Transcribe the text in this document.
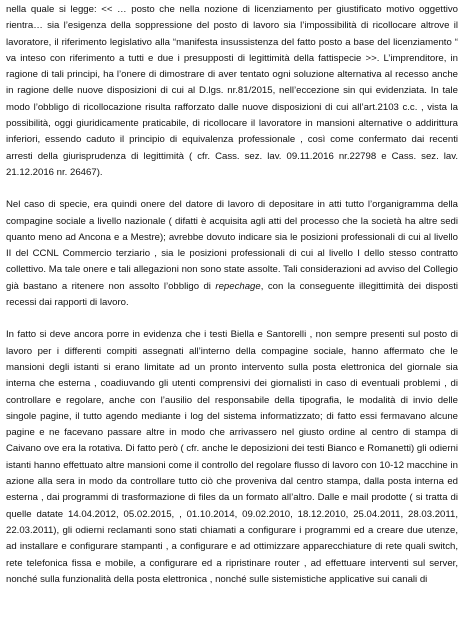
nella quale si legge: << … posto che nella nozione di licenziamento per giustificato motivo oggettivo rientra… sia l’esigenza della soppressione del posto di lavoro sia l’impossibilità di ricollocare altrove il lavoratore, il riferimento legislativo alla “manifesta insussistenza del fatto posto a base del licenziamento “ va inteso con riferimento a tutti e due i presupposti di legittimità della fattispecie >>. L’imprenditore, in ragione di tali principi, ha l’onere di dimostrare di aver tentato ogni soluzione alternativa al recesso anche in ragione delle nuove disposizioni di cui al D.lgs. nr.81/2015, nell’eccezione sin qui evidenziata. In tale modo l’obbligo di ricollocazione risulta rafforzato dalle nuove disposizioni di cui all’art.2103 c.c. , vista la possibilità, oggi giuridicamente praticabile, di ricollocare il lavoratore in mansioni alternative o addirittura inferiori, essendo caduto il principio di equivalenza professionale , così come confermato dai recenti arresti della giurisprudenza di legittimità ( cfr. Cass. sez. lav. 09.11.2016 nr.22798 e Cass. sez. lav. 21.12.2016 nr. 26467).

Nel caso di specie, era quindi onere del datore di lavoro di depositare in atti tutto l’organigramma della compagine sociale a livello nazionale ( difatti è acquisita agli atti del processo che la società ha altre sedi quanto meno ad Ancona e a Mestre); avrebbe dovuto indicare sia le posizioni professionali di cui al livello II del CCNL Commercio terziario , sia le posizioni professionali di cui al livello I dello stesso contratto collettivo. Ma tale onere e tali allegazioni non sono state assolte. Tali considerazioni ad avviso del Collegio già bastano a ritenere non assolto l’obbligo di repechage, con la conseguente illegittimità dei disposti recessi dai rapporti di lavoro.

In fatto si deve ancora porre in evidenza che i testi Biella e Santorelli , non sempre presenti sul posto di lavoro per i differenti compiti assegnati all’interno della compagine sociale, hanno affermato che le mansioni degli istanti si erano limitate ad un pronto intervento sulla posta elettronica del giornale sia interna che esterna , coadiuvando gli utenti comprensivi dei giornalisti in caso di eventuali problemi , di controllare e regolare, anche con l’ausilio del responsabile della tipografia, le modalità di invio delle singole pagine, il tutto agendo mediante i log del sistema informatizzato; di fatto essi fermavano alcune pagine e ne facevano passare altre in modo che arrivassero nel giusto ordine al centro di stampa di Caivano ove era la rotativa. Di fatto però ( cfr. anche le deposizioni dei testi Bianco e Romanetti) gli odierni istanti hanno effettuato altre mansioni come il controllo del regolare flusso di lavoro con 10-12 macchine in azione alla sera in modo da controllare tutto ciò che proveniva dal centro stampa, dalla posta interna ed esterna , dai programmi di trasformazione di files da un formato all’altro. Dalle e mail prodotte ( si tratta di quelle datate 14.04.2012, 05.02.2015, , 01.10.2014, 09.02.2010, 18.12.2010, 25.04.2011, 28.03.2011, 22.03.2011), gli odierni reclamanti sono stati chiamati a configurare i programmi ed a creare due utenze, ad installare e configurare stampanti , a configurare e ad ottimizzare apparecchiature di rete quali switch, rete telefonica fissa e mobile, a configurare ed a ripristinare router , ad effettuare interventi sul server, nonché sulla funzionalità della posta elettronica , nonché sulle sistemistiche applicative sui canali di
